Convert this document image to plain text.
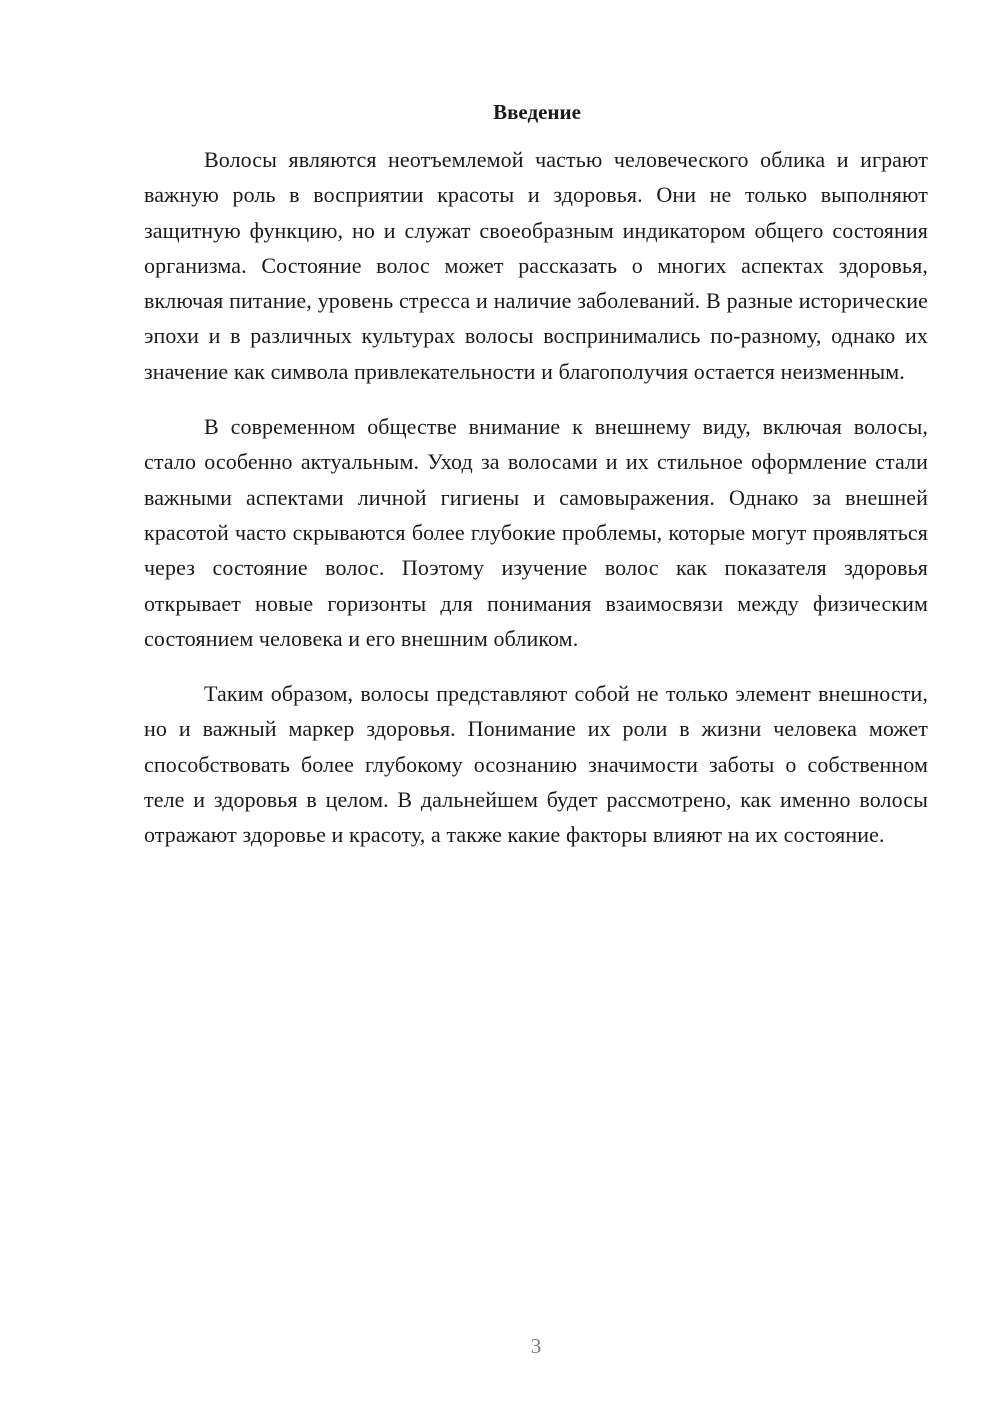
Введение

Волосы являются неотъемлемой частью человеческого облика и играют важную роль в восприятии красоты и здоровья. Они не только выполняют защитную функцию, но и служат своеобразным индикатором общего состояния организма. Состояние волос может рассказать о многих аспектах здоровья, включая питание, уровень стресса и наличие заболеваний. В разные исторические эпохи и в различных культурах волосы воспринимались по-разному, однако их значение как символа привлекательности и благополучия остается неизменным.

В современном обществе внимание к внешнему виду, включая волосы, стало особенно актуальным. Уход за волосами и их стильное оформление стали важными аспектами личной гигиены и самовыражения. Однако за внешней красотой часто скрываются более глубокие проблемы, которые могут проявляться через состояние волос. Поэтому изучение волос как показателя здоровья открывает новые горизонты для понимания взаимосвязи между физическим состоянием человека и его внешним обликом.

Таким образом, волосы представляют собой не только элемент внешности, но и важный маркер здоровья. Понимание их роли в жизни человека может способствовать более глубокому осознанию значимости заботы о собственном теле и здоровья в целом. В дальнейшем будет рассмотрено, как именно волосы отражают здоровье и красоту, а также какие факторы влияют на их состояние.

3
